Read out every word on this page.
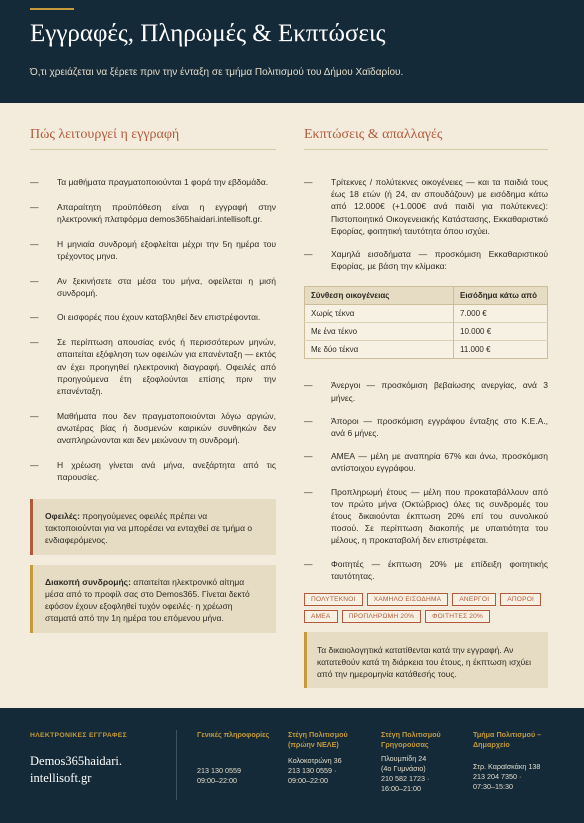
Εγγραφές, Πληρωμές & Εκπτώσεις

Ό,τι χρειάζεται να ξέρετε πριν την ένταξη σε τμήμα Πολιτισμού του Δήμου Χαϊδαρίου.

Πώς λειτουργεί η εγγραφή
—	Τα μαθήματα πραγματοποιούνται 1 φορά την εβδομάδα.
—	Απαραίτητη προϋπόθεση είναι η εγγραφή στην ηλεκτρονική πλατφόρμα demos365haidari.intellisoft.gr.
—	Η μηνιαία συνδρομή εξοφλείται μέχρι την 5η ημέρα του τρέχοντος μηνα.
—	Αν ξεκινήσετε στα μέσα του μήνα, οφείλεται η μισή συνδρομή.
—	Οι εισφορές που έχουν καταβληθεί δεν επιστρέφονται.
—	Σε περίπτωση απουσίας ενός ή περισσότερων μηνών, απαιτείται εξόφληση των οφειλών για επανένταξη — εκτός αν έχει προηγηθεί ηλεκτρονική διαγραφή. Οφειλές από προηγούμενα έτη εξοφλούνται επίσης πριν την επανένταξη.
—	Μαθήματα που δεν πραγματοποιούνται λόγω αργιών, ανωτέρας βίας ή δυσμενών καιρικών συνθηκών δεν αναπληρώνονται και δεν μειώνουν τη συνδρομή.
—	Η χρέωση γίνεται ανά μήνα, ανεξάρτητα από τις παρουσίες.
Οφειλές: προηγούμενες οφειλές πρέπει να τακτοποιούνται για να μπορέσει να ενταχθεί σε τμήμα ο ενδιαφερόμενος.
Διακοπή συνδρομής: απαιτείται ηλεκτρονικό αίτημα μέσα από το προφίλ σας στο Demos365. Γίνεται δεκτό εφόσον έχουν εξοφληθεί τυχόν οφειλές· η χρέωση σταματά από την 1η ημέρα του επόμενου μήνα.
Εκπτώσεις & απαλλαγές
—	Τρίτεκνες / πολύτεκνες οικογένειες — και τα παιδιά τους έως 18 ετών (ή 24, αν σπουδάζουν) με εισόδημα κάτω από 12.000€ (+1.000€ ανά παιδί για πολύτεκνες): Πιστοποιητικό Οικογενειακής Κατάστασης, Εκκαθαριστικό Εφορίας, φοιτητική ταυτότητα όπου ισχύει.
—	Χαμηλά εισοδήματα — προσκόμιση Εκκαθαριστικού Εφορίας, με βάση την κλίμακα:
Σύνθεση οικογένειας	Εισόδημα κάτω από
Χωρίς τέκνα	7.000 €
Με ένα τέκνο	10.000 €
Με δύο τέκνα	11.000 €
—	Άνεργοι — προσκόμιση βεβαίωσης ανεργίας, ανά 3 μήνες.
—	Άποροι — προσκόμιση εγγράφου ένταξης στο Κ.Ε.Α., ανά 6 μήνες.
—	ΑΜΕΑ — μέλη με αναπηρία 67% και άνω, προσκόμιση αντίστοιχου εγγράφου.
—	Προπληρωμή έτους — μέλη που προκαταβάλλουν από τον πρώτο μήνα (Οκτώβριος) όλες τις συνδρομές του έτους δικαιούνται έκπτωση 20% επί του συνολικού ποσού. Σε περίπτωση διακοπής με υπαιτιότητα του μέλους, η προκαταβολή δεν επιστρέφεται.
—	Φοιτητές — έκπτωση 20% με επίδειξη φοιτητικής ταυτότητας.
ΠΟΛΥΤΕΚΝΟΙ	ΧΑΜΗΛΟ ΕΙΣΟΔΗΜΑ	ΑΝΕΡΓΟΙ	ΑΠΟΡΟΙ
ΑΜΕΑ	ΠΡΟΠΛΗΡΩΜΗ 20%	ΦΟΙΤΗΤΕΣ 20%
Τα δικαιολογητικά κατατίθενται κατά την εγγραφή. Αν κατατεθούν κατά τη διάρκεια του έτους, η έκπτωση ισχύει από την ημερομηνία κατάθεσής τους.
ΗΛΕΚΤΡΟΝΙΚΕΣ ΕΓΓΡΑΦΕΣ
Demos365haidari.
intellisoft.gr
Γενικές πληροφορίες
213 130 0559
09:00–22:00
Στέγη Πολιτισμού
(πρώην ΝΕΛΕ)
Κολοκοτρώνη 36
213 130 0559 ·
09:00–22:00
Στέγη Πολιτισμού
Γρηγορούσας
Πλουμπίδη 24
(4ο Γυμνάσιο)
210 582 1723 ·
16:00–21:00
Τμήμα Πολιτισμού –
Δημαρχείο
Στρ. Καραϊσκάκη 138
213 204 7350 ·
07:30–15:30
